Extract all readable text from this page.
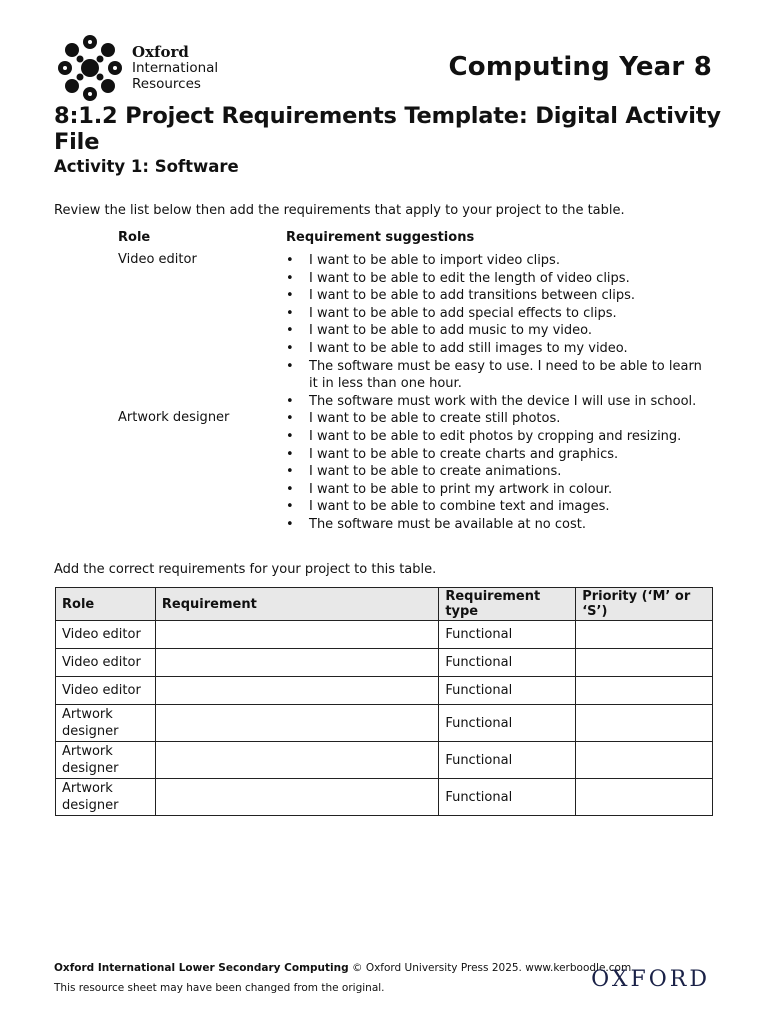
Oxford
International
Resources
Computing Year 8
8:1.2 Project Requirements Template: Digital Activity File
Activity 1: Software
Review the list below then add the requirements that apply to your project to the table.
Role	Requirement suggestions
Video editor	• I want to be able to import video clips.
• I want to be able to edit the length of video clips.
• I want to be able to add transitions between clips.
• I want to be able to add special effects to clips.
• I want to be able to add music to my video.
• I want to be able to add still images to my video.
• The software must be easy to use. I need to be able to learn it in less than one hour.
• The software must work with the device I will use in school.
Artwork designer	• I want to be able to create still photos.
• I want to be able to edit photos by cropping and resizing.
• I want to be able to create charts and graphics.
• I want to be able to create animations.
• I want to be able to print my artwork in colour.
• I want to be able to combine text and images.
• The software must be available at no cost.
Add the correct requirements for your project to this table.
Role	Requirement	Requirement type	Priority (‘M’ or ‘S’)
Video editor		Functional	
Video editor		Functional	
Video editor		Functional	
Artwork designer		Functional	
Artwork designer		Functional	
Artwork designer		Functional	
Oxford International Lower Secondary Computing © Oxford University Press 2025. www.kerboodle.com
This resource sheet may have been changed from the original.	OXFORD
